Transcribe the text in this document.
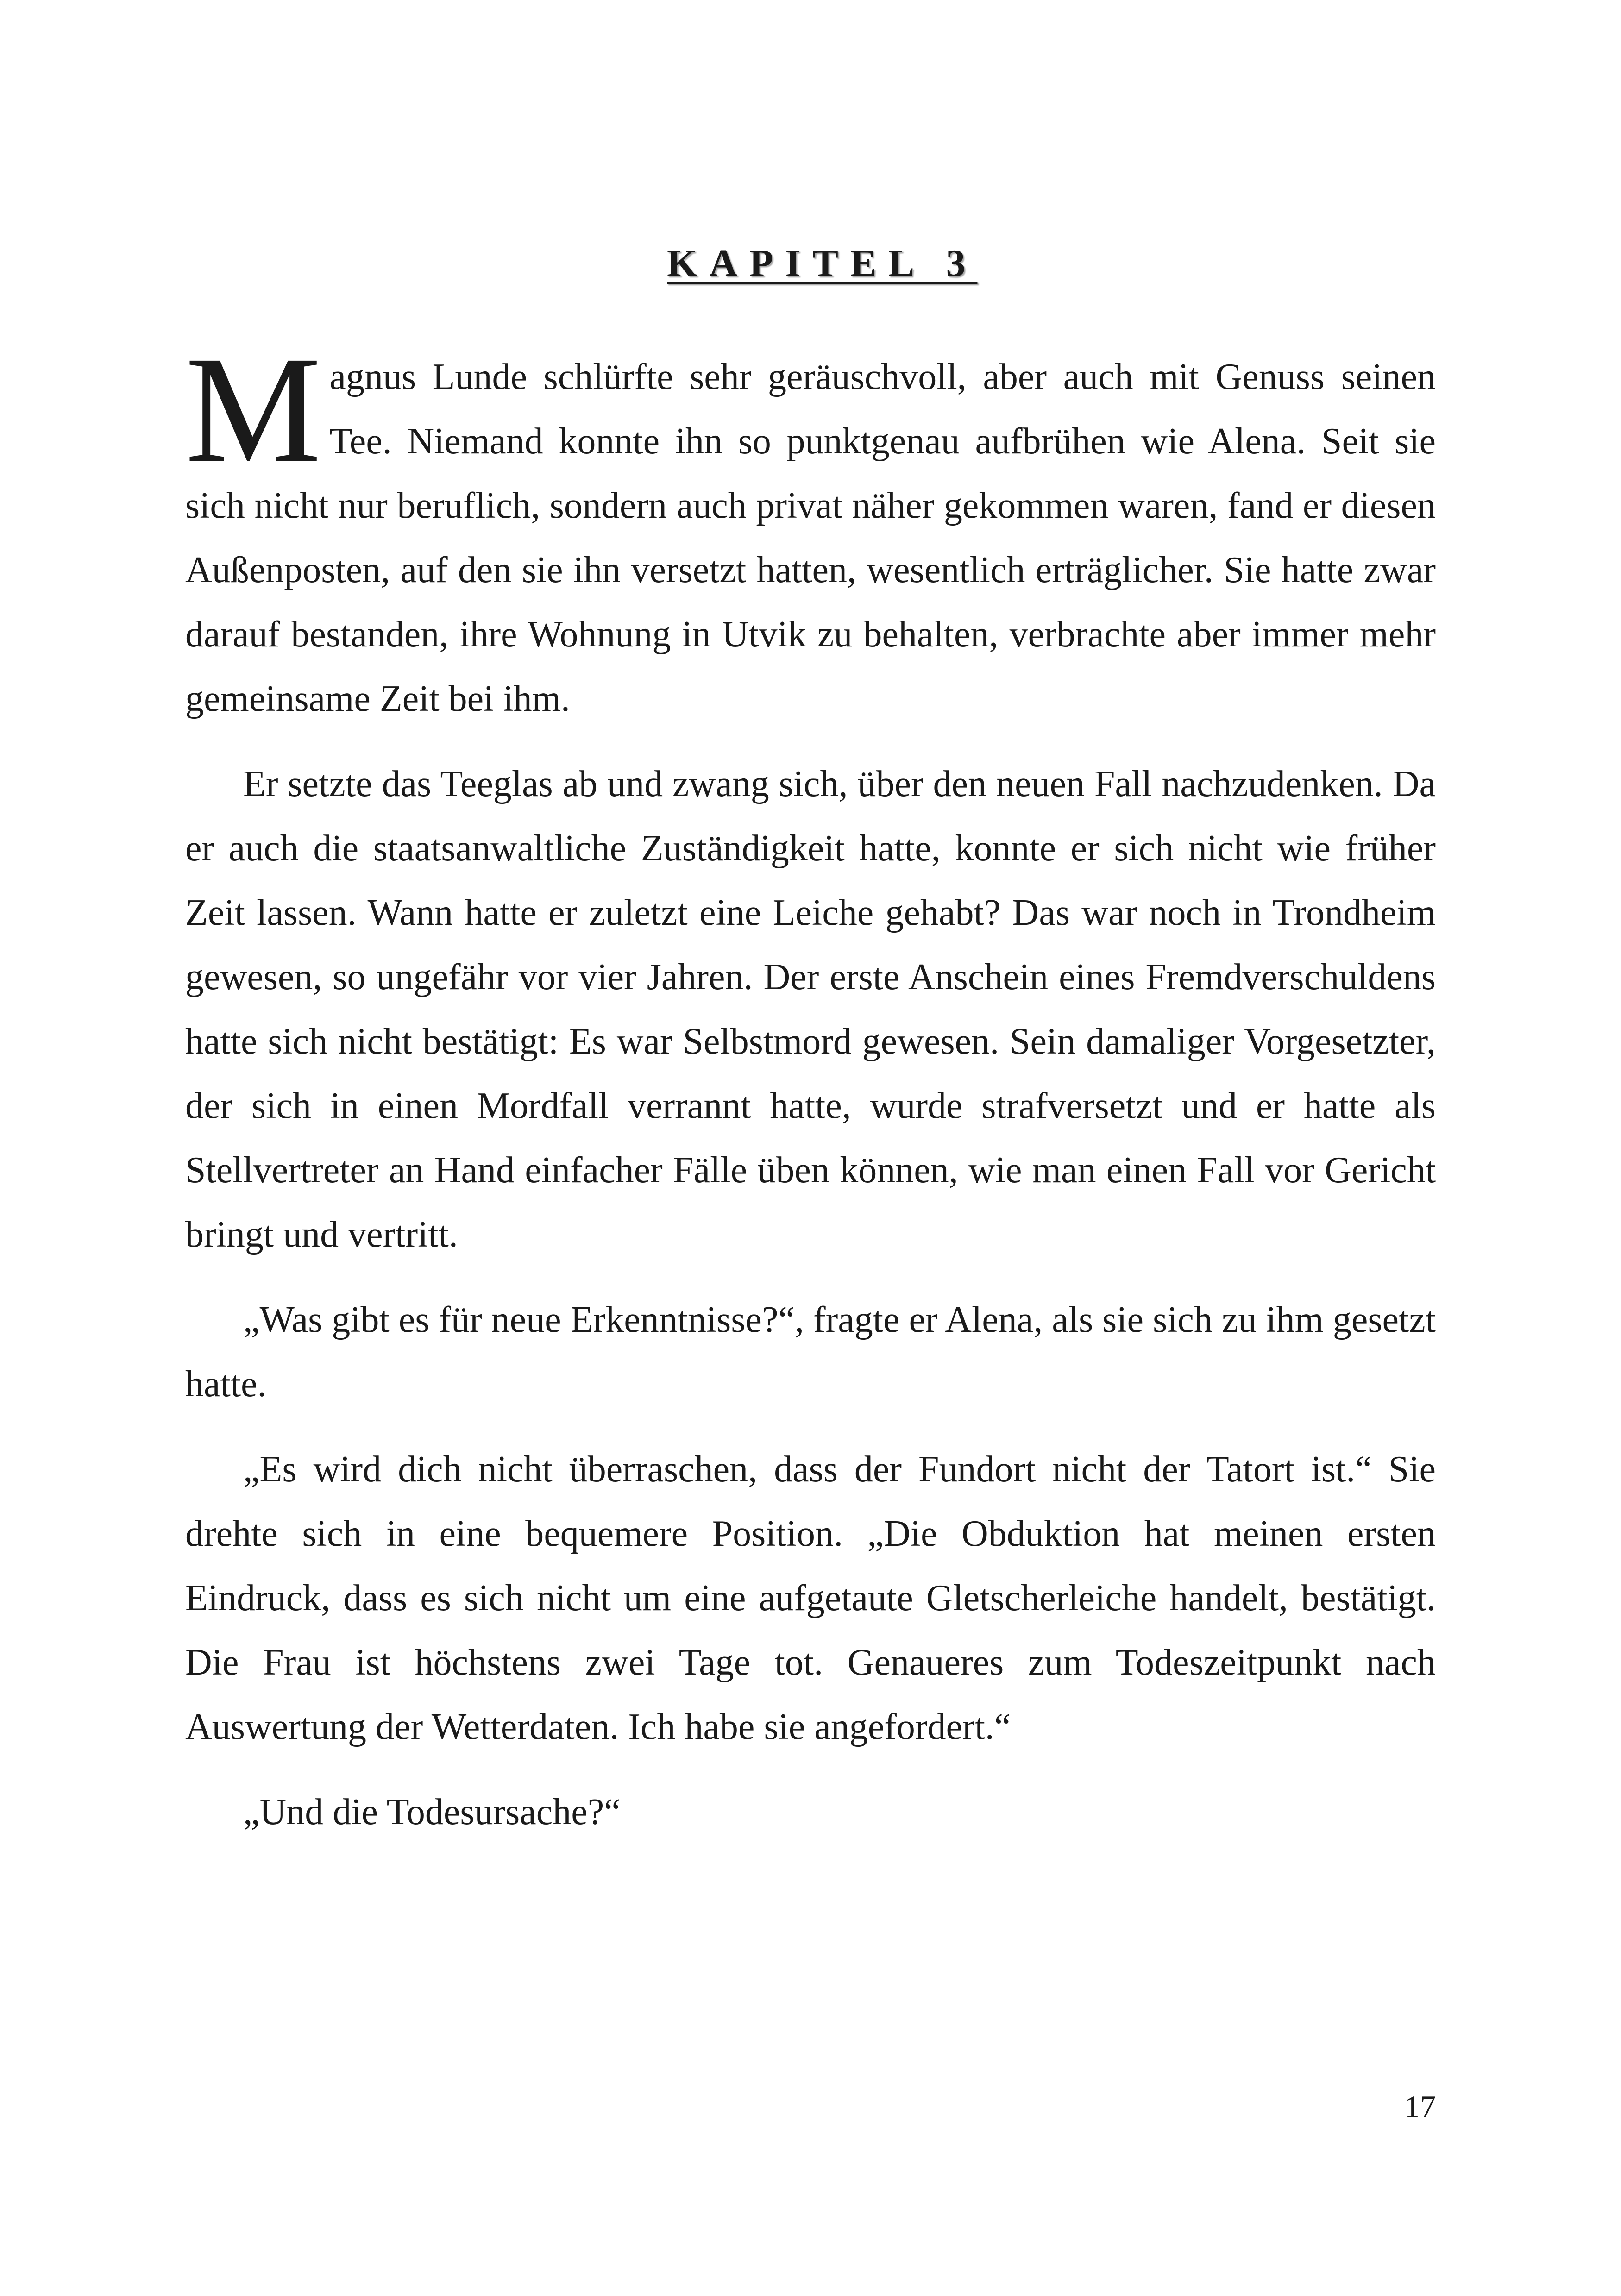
KAPITEL 3

Magnus Lunde schlürfte sehr geräuschvoll, aber auch mit Genuss seinen Tee. Niemand konnte ihn so punktgenau aufbrühen wie Alena. Seit sie sich nicht nur beruflich, sondern auch privat näher gekommen waren, fand er diesen Außenposten, auf den sie ihn versetzt hatten, wesentlich erträglicher. Sie hatte zwar darauf bestanden, ihre Wohnung in Utvik zu behalten, verbrachte aber immer mehr gemeinsame Zeit bei ihm.

Er setzte das Teeglas ab und zwang sich, über den neuen Fall nachzudenken. Da er auch die staatsanwaltliche Zuständigkeit hatte, konnte er sich nicht wie früher Zeit lassen. Wann hatte er zuletzt eine Leiche gehabt? Das war noch in Trondheim gewesen, so ungefähr vor vier Jahren. Der erste Anschein eines Fremdverschuldens hatte sich nicht bestätigt: Es war Selbstmord gewesen. Sein damaliger Vorgesetzter, der sich in einen Mordfall verrannt hatte, wurde strafversetzt und er hatte als Stellvertreter an Hand einfacher Fälle üben können, wie man einen Fall vor Gericht bringt und vertritt.

„Was gibt es für neue Erkenntnisse?“, fragte er Alena, als sie sich zu ihm gesetzt hatte.

„Es wird dich nicht überraschen, dass der Fundort nicht der Tatort ist.“ Sie drehte sich in eine bequemere Position. „Die Obduktion hat meinen ersten Eindruck, dass es sich nicht um eine aufgetaute Gletscherleiche handelt, bestätigt. Die Frau ist höchstens zwei Tage tot. Genaueres zum Todeszeitpunkt nach Auswertung der Wetterdaten. Ich habe sie angefordert.“

„Und die Todesursache?“

17
